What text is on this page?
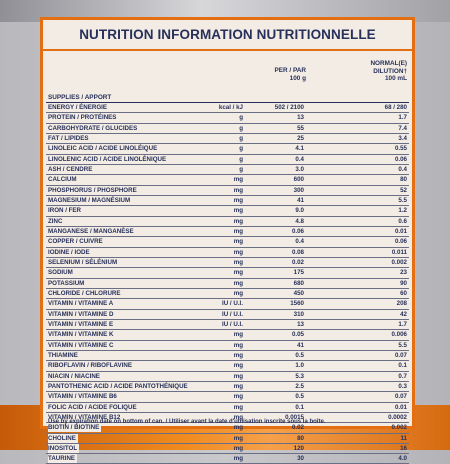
NUTRITION INFORMATION NUTRITIONNELLE
PER / PAR
100 g
NORMAL(E)
DILUTION†
100 mL
SUPPLIES / APPORT
ENERGY / ÉNERGIE	kcal / kJ	502 / 2100	68 / 280
PROTEIN / PROTÉINES	g	13	1.7
CARBOHYDRATE / GLUCIDES	g	55	7.4
FAT / LIPIDES	g	25	3.4
LINOLEIC ACID / ACIDE LINOLÉIQUE	g	4.1	0.55
LINOLENIC ACID / ACIDE LINOLÉNIQUE	g	0.4	0.06
ASH / CENDRE	g	3.0	0.4
CALCIUM	mg	600	80
PHOSPHORUS / PHOSPHORE	mg	300	52
MAGNESIUM / MAGNÉSIUM	mg	41	5.5
IRON / FER	mg	9.0	1.2
ZINC	mg	4.8	0.6
MANGANESE / MANGANÈSE	mg	0.06	0.01
COPPER / CUIVRE	mg	0.4	0.06
IODINE / IODE	mg	0.08	0.011
SELENIUM / SÉLÉNIUM	mg	0.02	0.002
SODIUM	mg	175	23
POTASSIUM	mg	680	90
CHLORIDE / CHLORURE	mg	450	60
VITAMIN / VITAMINE A	IU / U.I.	1560	208
VITAMIN / VITAMINE D	IU / U.I.	310	42
VITAMIN / VITAMINE E	IU / U.I.	13	1.7
VITAMIN / VITAMINE K	mg	0.05	0.006
VITAMIN / VITAMINE C	mg	41	5.5
THIAMINE	mg	0.5	0.07
RIBOFLAVIN / RIBOFLAVINE	mg	1.0	0.1
NIACIN / NIACINE	mg	5.3	0.7
PANTOTHENIC ACID / ACIDE PANTOTHÉNIQUE	mg	2.5	0.3
VITAMIN / VITAMINE B6	mg	0.5	0.07
FOLIC ACID / ACIDE FOLIQUE	mg	0.1	0.01
VITAMIN / VITAMINE B12	mg	0.0015	0.0002
BIOTIN / BIOTINE	mg	0.02	0.002
CHOLINE	mg	80	11
INOSITOL	mg	120	16
TAURINE	mg	30	4.0
Use by expiration date on bottom of can. / Utiliser avant la date d'utilisation inscrite sous la boîte.
